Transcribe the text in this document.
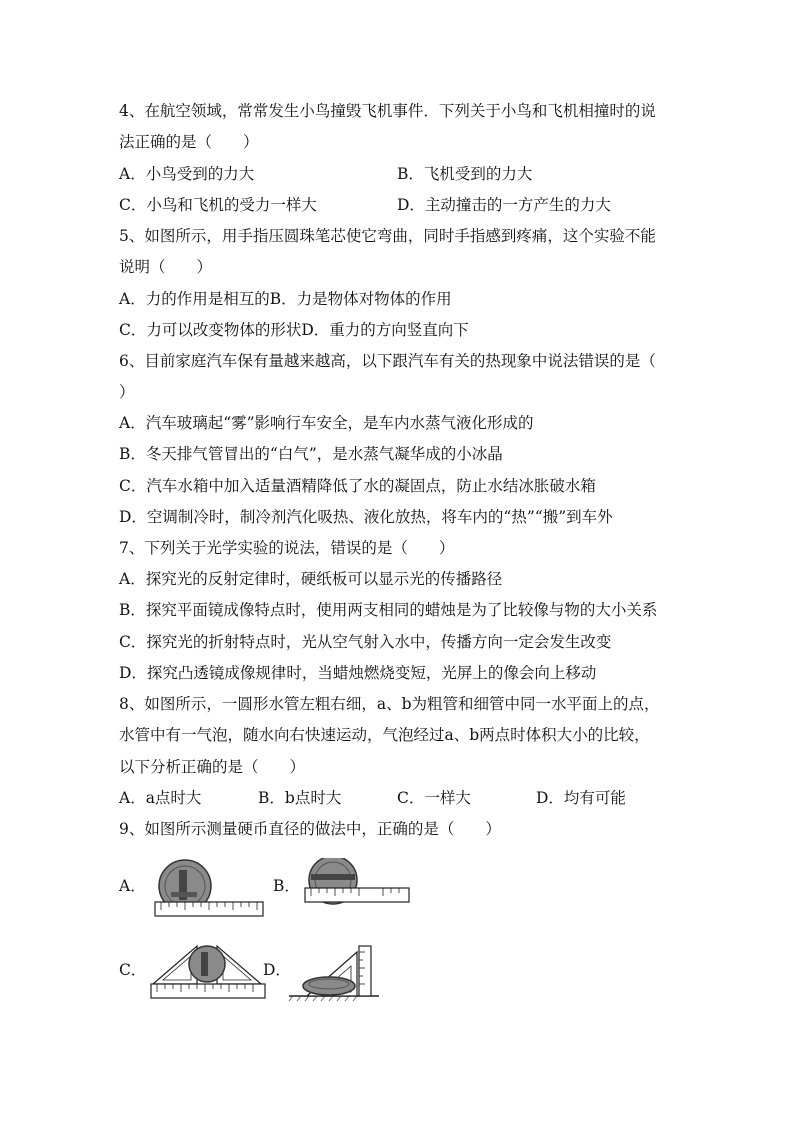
4、在航空领域，常常发生小鸟撞毁飞机事件．下列关于小鸟和飞机相撞时的说
法正确的是（　　）
A．小鸟受到的力大	B．飞机受到的力大
C．小鸟和飞机的受力一样大	D．主动撞击的一方产生的力大
5、如图所示，用手指压圆珠笔芯使它弯曲，同时手指感到疼痛，这个实验不能
说明（　　）
A．力的作用是相互的B．力是物体对物体的作用
C．力可以改变物体的形状D．重力的方向竖直向下
6、目前家庭汽车保有量越来越高，以下跟汽车有关的热现象中说法错误的是（
）
A．汽车玻璃起“雾”影响行车安全，是车内水蒸气液化形成的
B．冬天排气管冒出的“白气”，是水蒸气凝华成的小冰晶
C．汽车水箱中加入适量酒精降低了水的凝固点，防止水结冰胀破水箱
D．空调制冷时，制冷剂汽化吸热、液化放热，将车内的“热”“搬”到车外
7、下列关于光学实验的说法，错误的是（　　）
A．探究光的反射定律时，硬纸板可以显示光的传播路径
B．探究平面镜成像特点时，使用两支相同的蜡烛是为了比较像与物的大小关系
C．探究光的折射特点时，光从空气射入水中，传播方向一定会发生改变
D．探究凸透镜成像规律时，当蜡烛燃烧变短，光屏上的像会向上移动
8、如图所示，一圆形水管左粗右细，a、b为粗管和细管中同一水平面上的点，
水管中有一气泡，随水向右快速运动，气泡经过a、b两点时体积大小的比较，
以下分析正确的是（　　）
A．a点时大	B．b点时大	C．一样大	D．均有可能
9、如图所示测量硬币直径的做法中，正确的是（　　）
A．	B．
C．	D．
